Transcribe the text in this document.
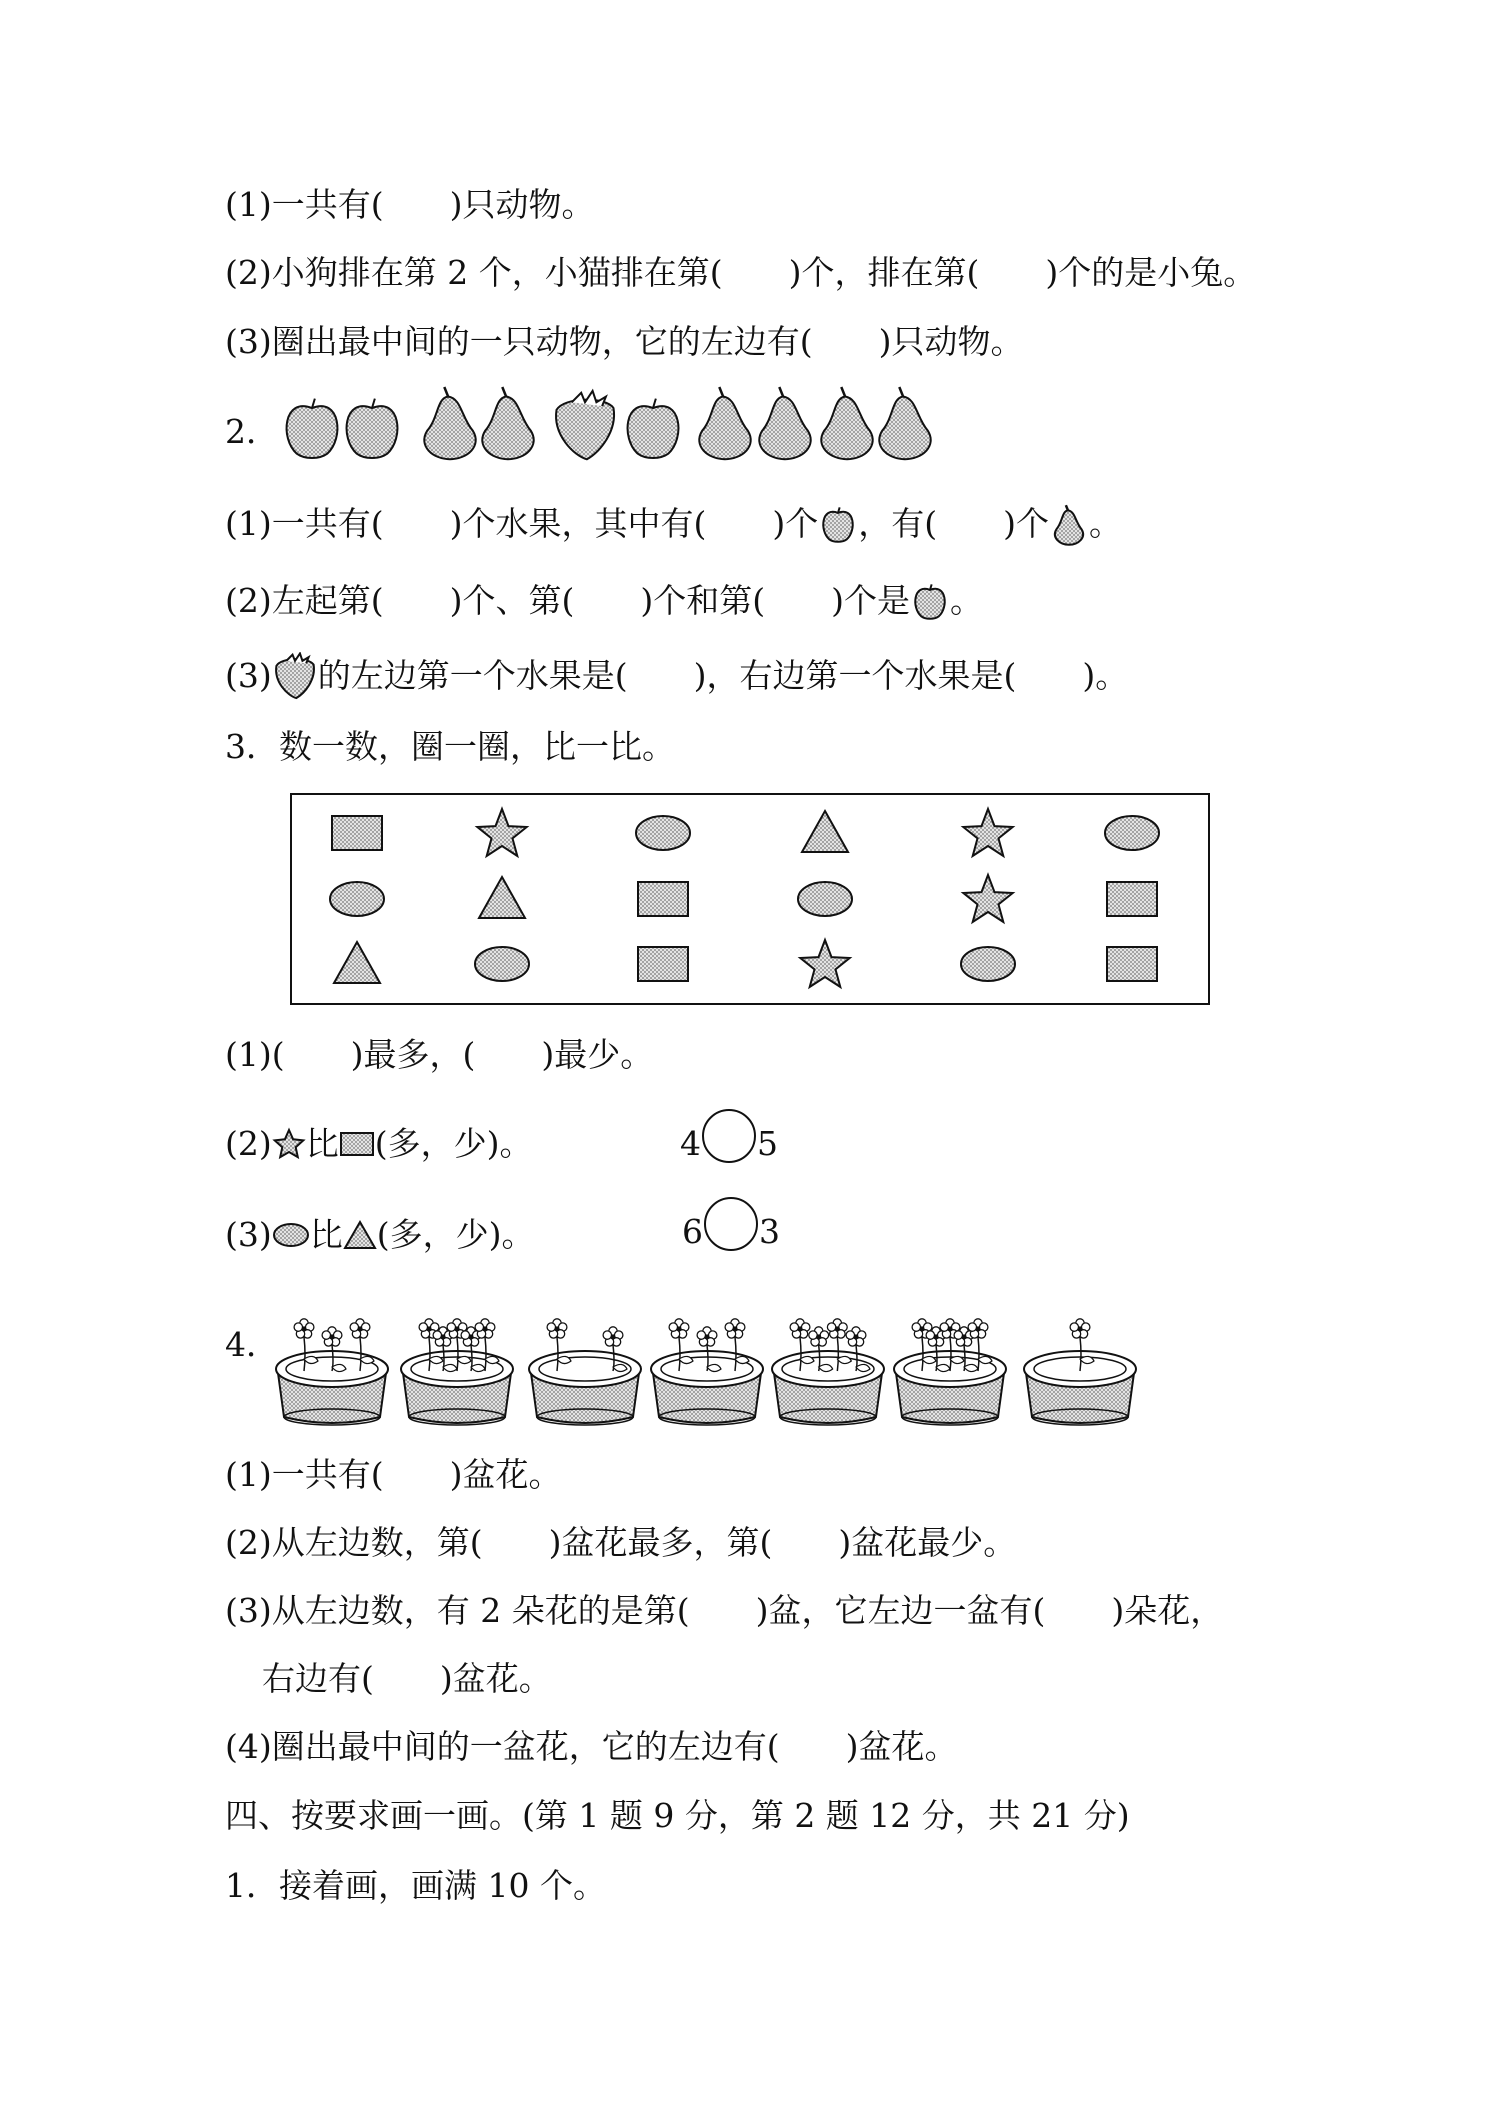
(1)一共有(　　)只动物。
(2)小狗排在第 2 个，小猫排在第(　　)个，排在第(　　)个的是小兔。
(3)圈出最中间的一只动物，它的左边有(　　)只动物。
2．
(1)一共有(　　)个水果，其中有(　　)个 ，有(　　)个 。
(2)左起第(　　)个、第(　　)个和第(　　)个是 。
(3) 的左边第一个水果是(　　)，右边第一个水果是(　　)。
3．数一数，圈一圈，比一比。
(1)(　　)最多，(　　)最少。
(2) 比 (多，少)。	4 5
(3) 比 (多，少)。	6 3
4．
(1)一共有(　　)盆花。
(2)从左边数，第(　　)盆花最多，第(　　)盆花最少。
(3)从左边数，有 2 朵花的是第(　　)盆，它左边一盆有(　　)朵花，
右边有(　　)盆花。
(4)圈出最中间的一盆花，它的左边有(　　)盆花。
四、按要求画一画。(第 1 题 9 分，第 2 题 12 分，共 21 分)
1．接着画，画满 10 个。
